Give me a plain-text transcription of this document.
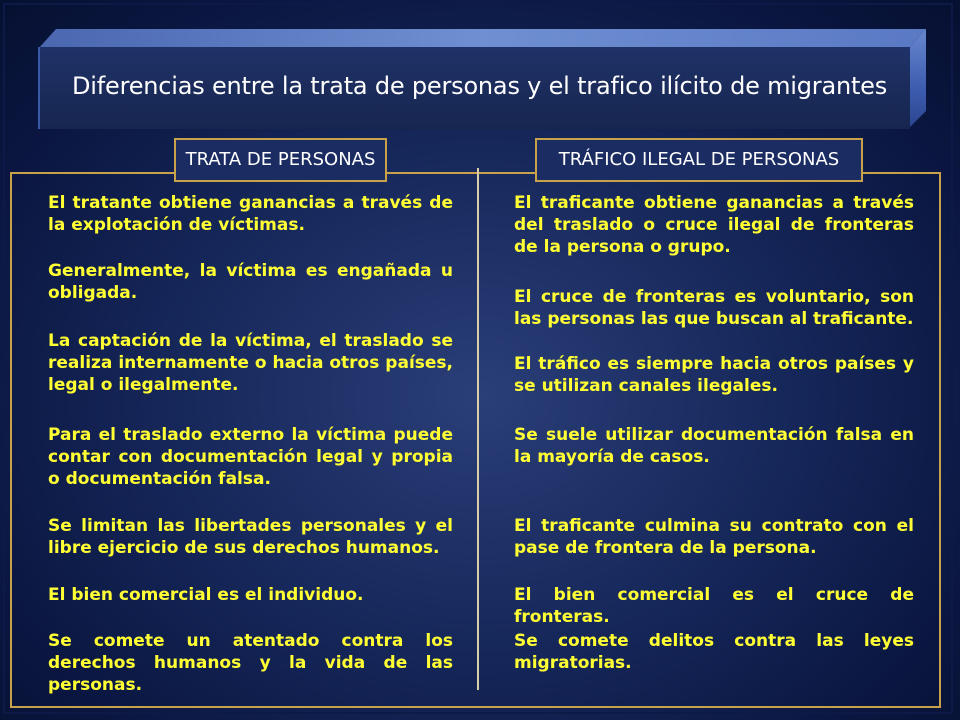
Diferencias entre la trata de personas y el trafico ilícito de migrantes
TRATA DE PERSONAS	TRÁFICO ILEGAL DE PERSONAS

El tratante obtiene ganancias a través de la explotación de víctimas.

Generalmente, la víctima es engañada u obligada.

La captación de la víctima, el traslado se realiza internamente o hacia otros países, legal o ilegalmente.

Para el traslado externo la víctima puede contar con documentación legal y propia o documentación falsa.

Se limitan las libertades personales y el libre ejercicio de sus derechos humanos.

El bien comercial es el individuo.

Se comete un atentado contra los derechos humanos y la vida de las personas.

El traficante obtiene ganancias a través del traslado o cruce ilegal de fronteras de la persona o grupo.

El cruce de fronteras es voluntario, son las personas las que buscan al traficante.

El tráfico es siempre hacia otros países y se utilizan canales ilegales.

Se suele utilizar documentación falsa en la mayoría de casos.

El traficante culmina su contrato con el pase de frontera de la persona.

El bien comercial es el cruce de fronteras.

Se comete delitos contra las leyes migratorias.
